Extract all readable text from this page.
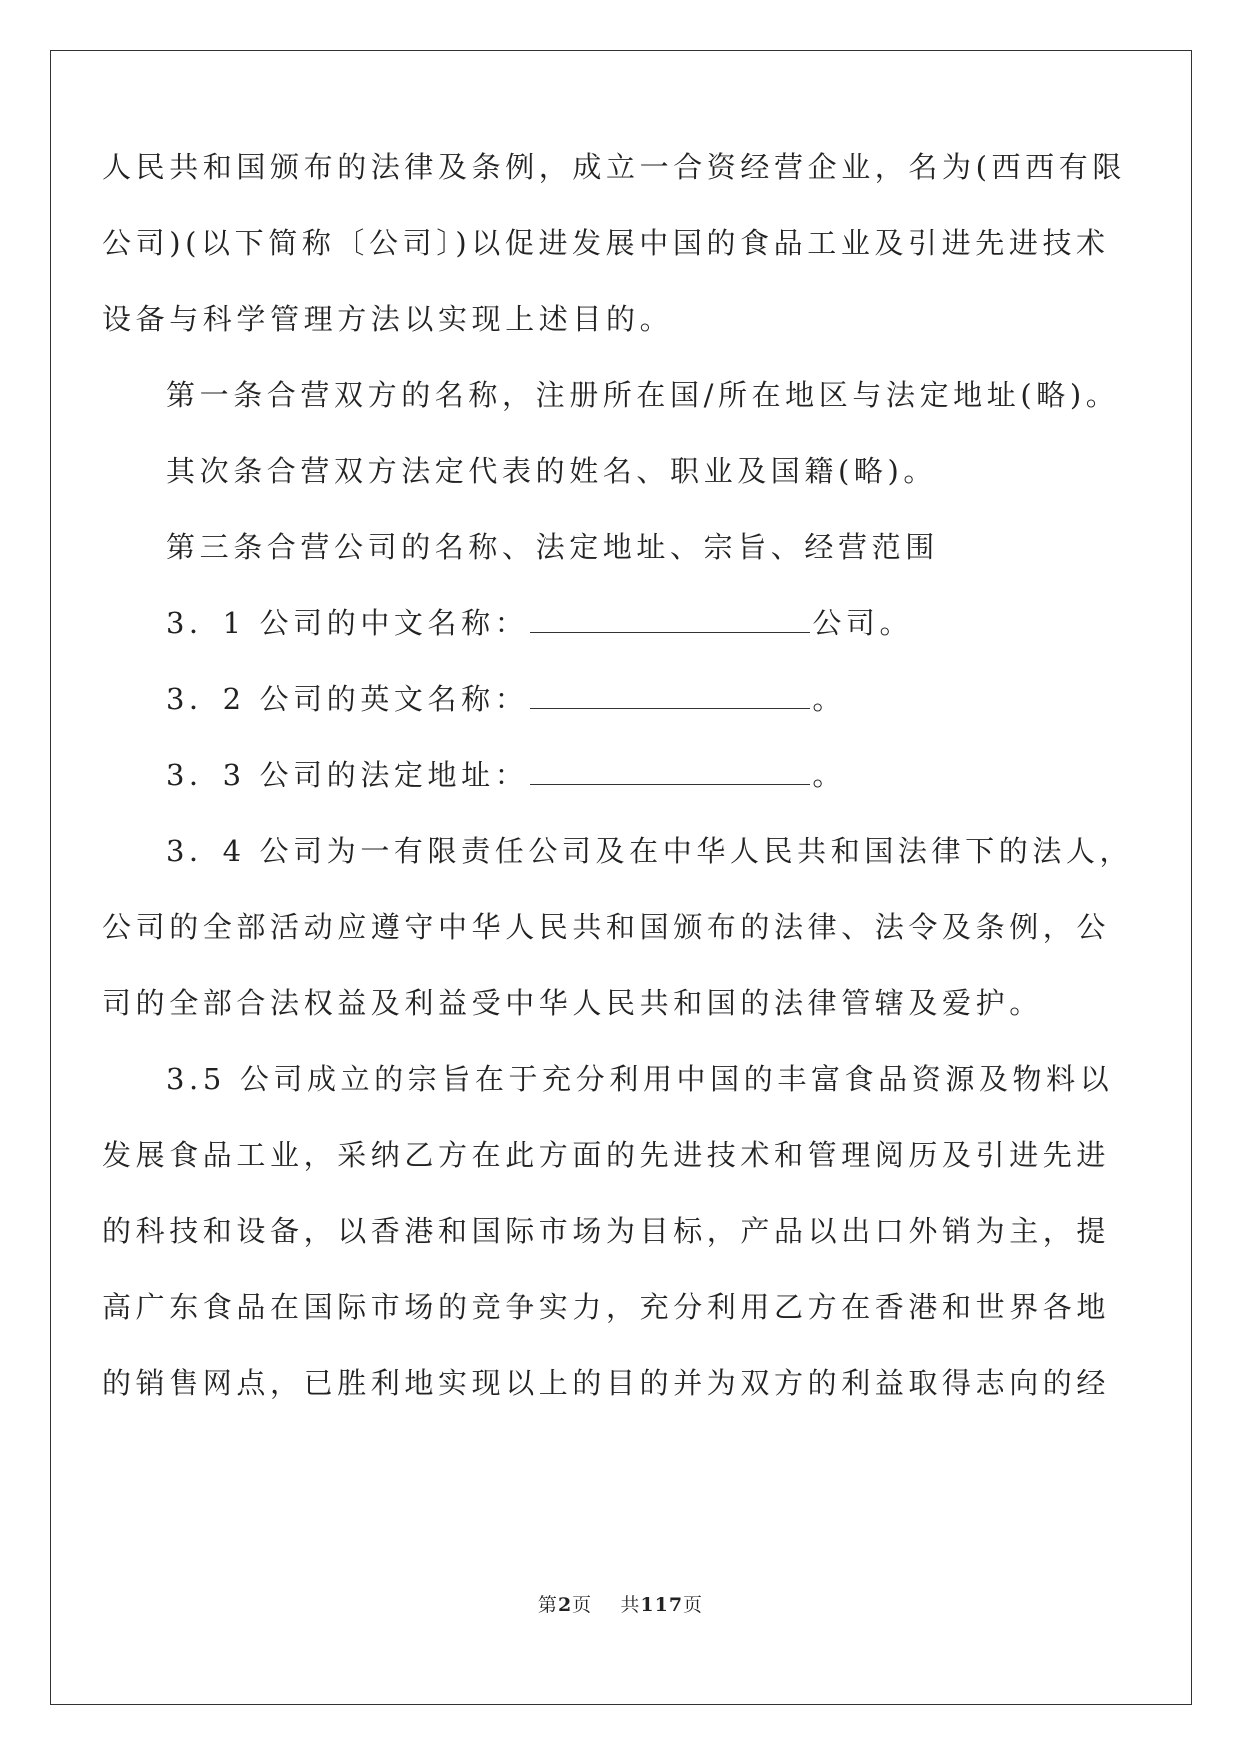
人民共和国颁布的法律及条例，成立一合资经营企业，名为(西西有限
公司)(以下简称〔公司〕)以促进发展中国的食品工业及引进先进技术
设备与科学管理方法以实现上述目的。
第一条合营双方的名称，注册所在国/所在地区与法定地址(略)。
其次条合营双方法定代表的姓名、职业及国籍(略)。
第三条合营公司的名称、法定地址、宗旨、经营范围
3．1 公司的中文名称：	公司。
3．2 公司的英文名称：	。
3．3 公司的法定地址：	。
3．4 公司为一有限责任公司及在中华人民共和国法律下的法人，
公司的全部活动应遵守中华人民共和国颁布的法律、法令及条例，公
司的全部合法权益及利益受中华人民共和国的法律管辖及爱护。
3.5 公司成立的宗旨在于充分利用中国的丰富食品资源及物料以
发展食品工业，采纳乙方在此方面的先进技术和管理阅历及引进先进
的科技和设备，以香港和国际市场为目标，产品以出口外销为主，提
高广东食品在国际市场的竞争实力，充分利用乙方在香港和世界各地
的销售网点，已胜利地实现以上的目的并为双方的利益取得志向的经
第2页 共117页
